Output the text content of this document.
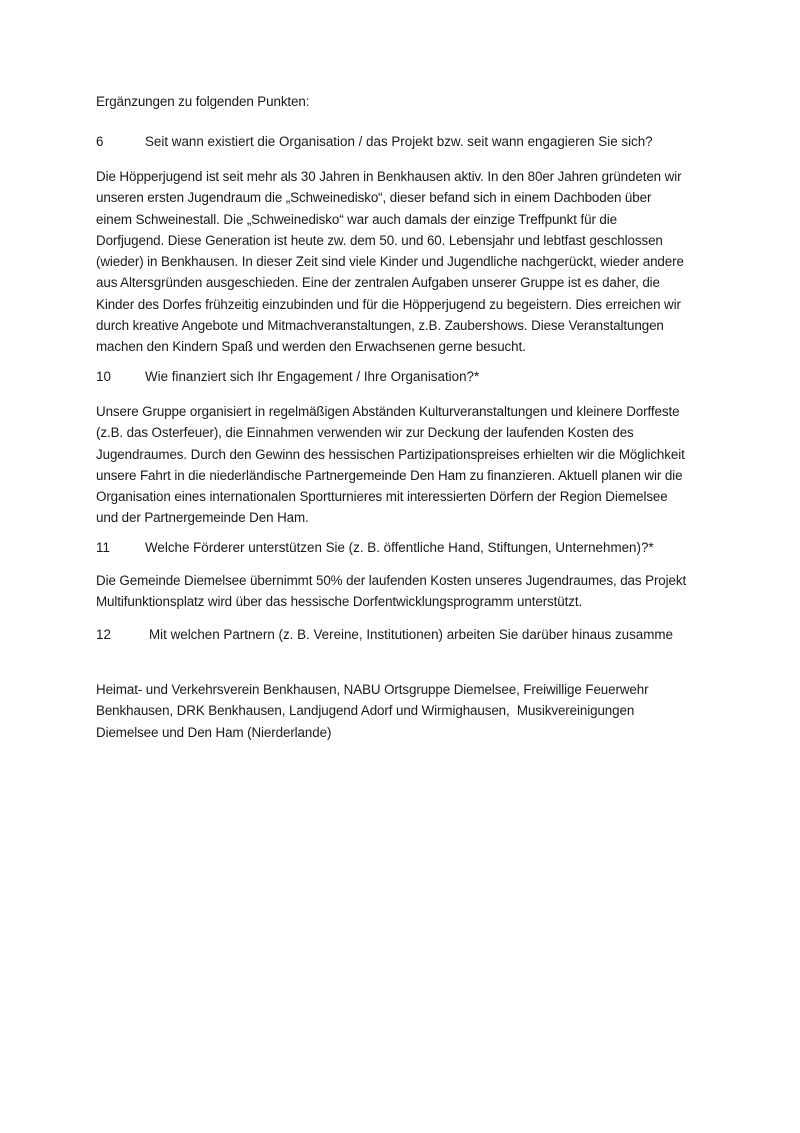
Ergänzungen zu folgenden Punkten:
6	Seit wann existiert die Organisation / das Projekt bzw. seit wann engagieren Sie sich?
Die Höpperjugend ist seit mehr als 30 Jahren in Benkhausen aktiv. In den 80er Jahren gründeten wir
unseren ersten Jugendraum die „Schweinedisko“, dieser befand sich in einem Dachboden über
einem Schweinestall. Die „Schweinedisko“ war auch damals der einzige Treffpunkt für die
Dorfjugend. Diese Generation ist heute zw. dem 50. und 60. Lebensjahr und lebtfast geschlossen
(wieder) in Benkhausen. In dieser Zeit sind viele Kinder und Jugendliche nachgerückt, wieder andere
aus Altersgründen ausgeschieden. Eine der zentralen Aufgaben unserer Gruppe ist es daher, die
Kinder des Dorfes frühzeitig einzubinden und für die Höpperjugend zu begeistern. Dies erreichen wir
durch kreative Angebote und Mitmachveranstaltungen, z.B. Zaubershows. Diese Veranstaltungen
machen den Kindern Spaß und werden den Erwachsenen gerne besucht.
10	Wie finanziert sich Ihr Engagement / Ihre Organisation?*
Unsere Gruppe organisiert in regelmäßigen Abständen Kulturveranstaltungen und kleinere Dorffeste
(z.B. das Osterfeuer), die Einnahmen verwenden wir zur Deckung der laufenden Kosten des
Jugendraumes. Durch den Gewinn des hessischen Partizipationspreises erhielten wir die Möglichkeit
unsere Fahrt in die niederländische Partnergemeinde Den Ham zu finanzieren. Aktuell planen wir die
Organisation eines internationalen Sportturnieres mit interessierten Dörfern der Region Diemelsee
und der Partnergemeinde Den Ham.
11	Welche Förderer unterstützen Sie (z. B. öffentliche Hand, Stiftungen, Unternehmen)?*
Die Gemeinde Diemelsee übernimmt 50% der laufenden Kosten unseres Jugendraumes, das Projekt
Multifunktionsplatz wird über das hessische Dorfentwicklungsprogramm unterstützt.
12	Mit welchen Partnern (z. B. Vereine, Institutionen) arbeiten Sie darüber hinaus zusamme
Heimat- und Verkehrsverein Benkhausen, NABU Ortsgruppe Diemelsee, Freiwillige Feuerwehr
Benkhausen, DRK Benkhausen, Landjugend Adorf und Wirmighausen,  Musikvereinigungen
Diemelsee und Den Ham (Nierderlande)
